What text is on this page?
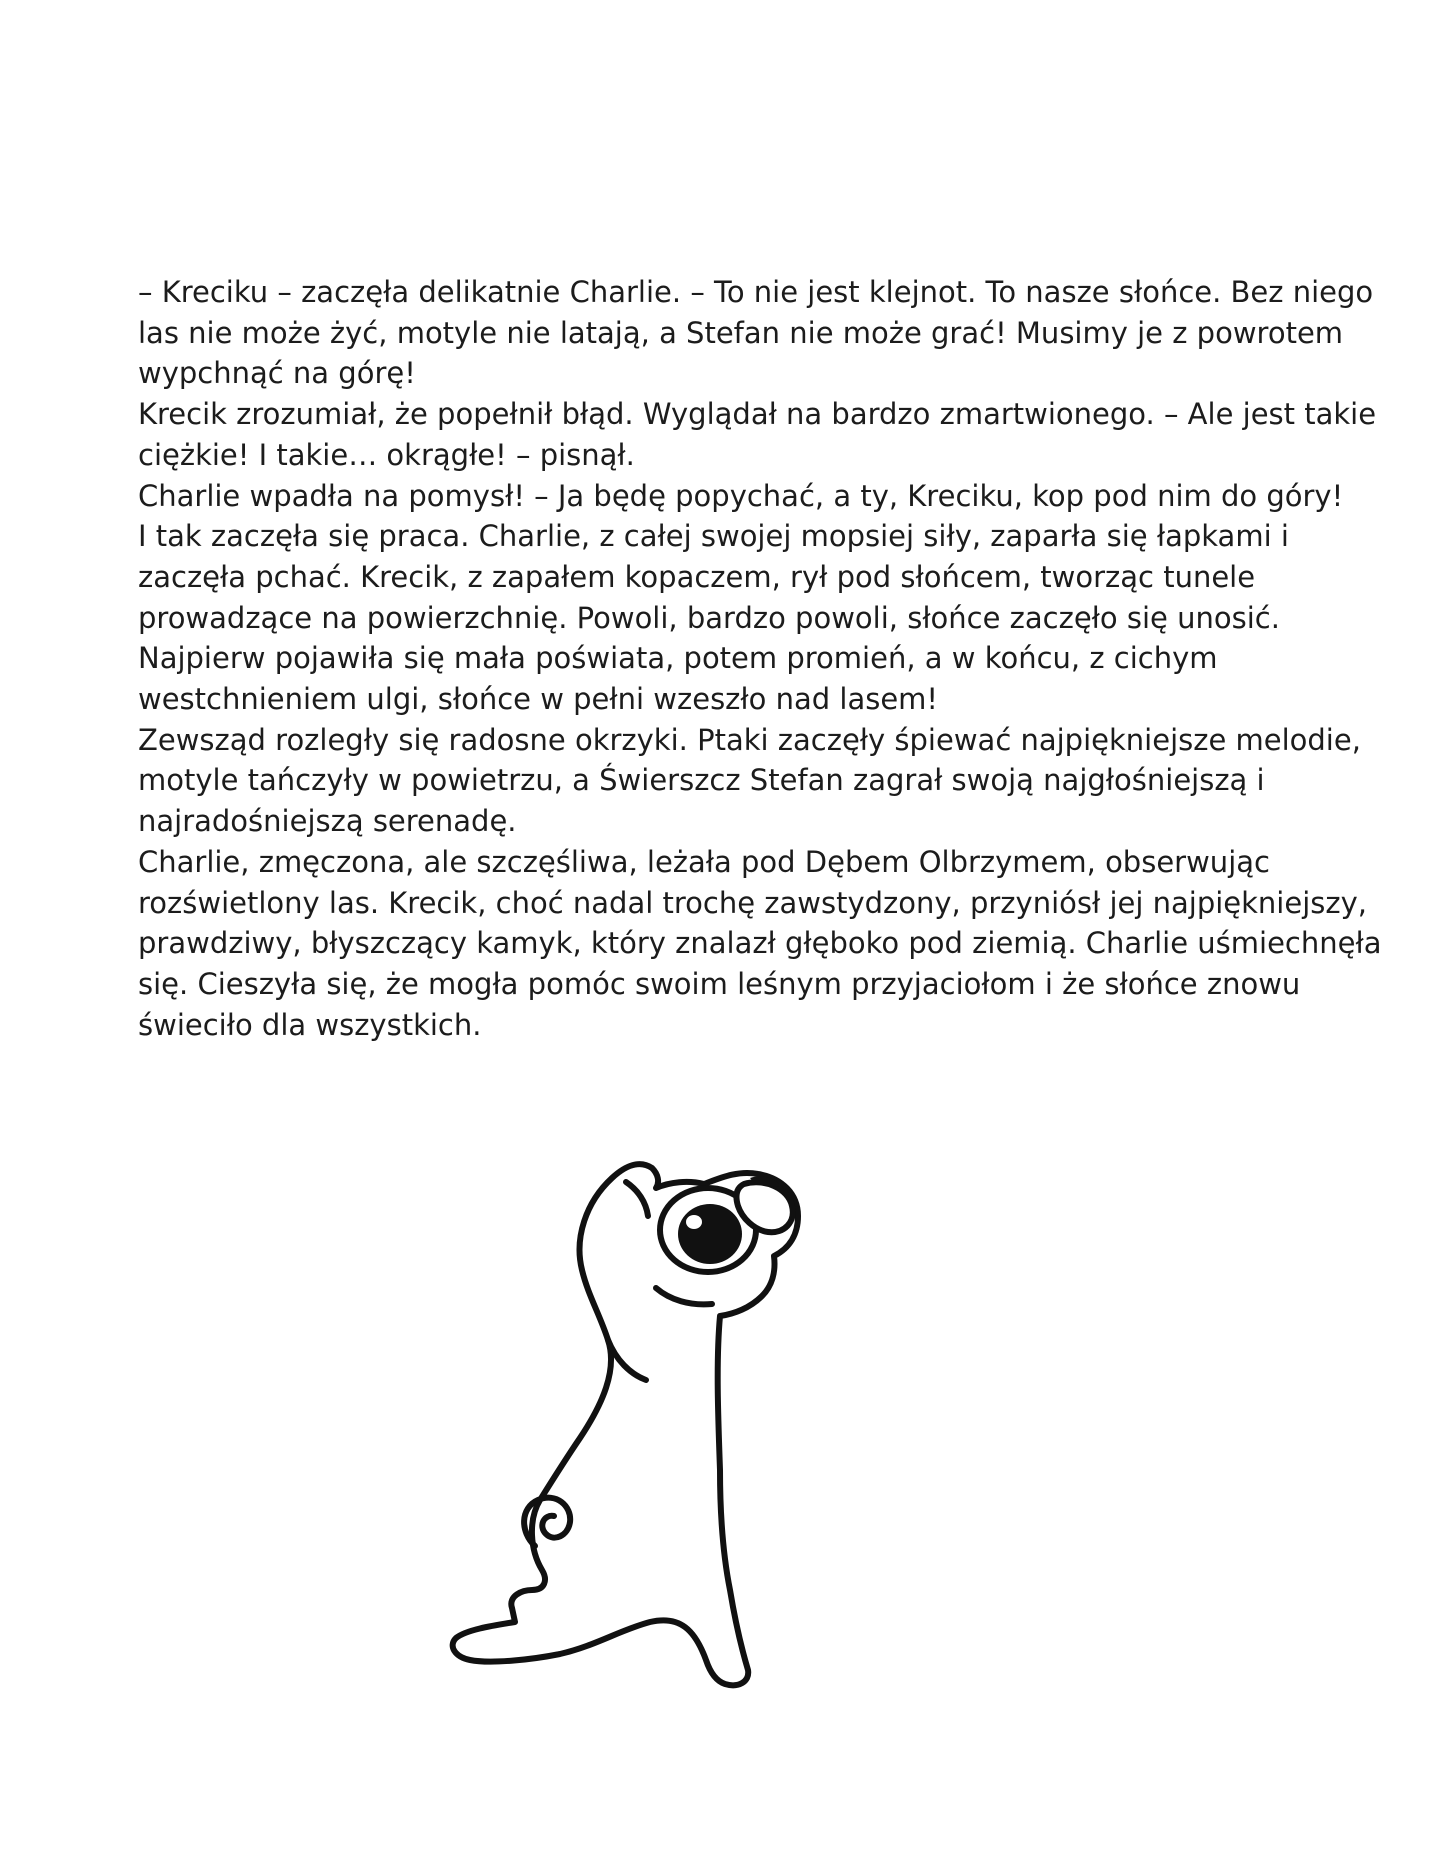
– Kreciku – zaczęła delikatnie Charlie. – To nie jest klejnot. To nasze słońce. Bez niego
las nie może żyć, motyle nie latają, a Stefan nie może grać! Musimy je z powrotem
wypchnąć na górę!
Krecik zrozumiał, że popełnił błąd. Wyglądał na bardzo zmartwionego. – Ale jest takie
ciężkie! I takie… okrągłe! – pisnął.
Charlie wpadła na pomysł! – Ja będę popychać, a ty, Kreciku, kop pod nim do góry!
I tak zaczęła się praca. Charlie, z całej swojej mopsiej siły, zaparła się łapkami i
zaczęła pchać. Krecik, z zapałem kopaczem, rył pod słońcem, tworząc tunele
prowadzące na powierzchnię. Powoli, bardzo powoli, słońce zaczęło się unosić.
Najpierw pojawiła się mała poświata, potem promień, a w końcu, z cichym
westchnieniem ulgi, słońce w pełni wzeszło nad lasem!
Zewsząd rozległy się radosne okrzyki. Ptaki zaczęły śpiewać najpiękniejsze melodie,
motyle tańczyły w powietrzu, a Świerszcz Stefan zagrał swoją najgłośniejszą i
najradośniejszą serenadę.
Charlie, zmęczona, ale szczęśliwa, leżała pod Dębem Olbrzymem, obserwując
rozświetlony las. Krecik, choć nadal trochę zawstydzony, przyniósł jej najpiękniejszy,
prawdziwy, błyszczący kamyk, który znalazł głęboko pod ziemią. Charlie uśmiechnęła
się. Cieszyła się, że mogła pomóc swoim leśnym przyjaciołom i że słońce znowu
świeciło dla wszystkich.
